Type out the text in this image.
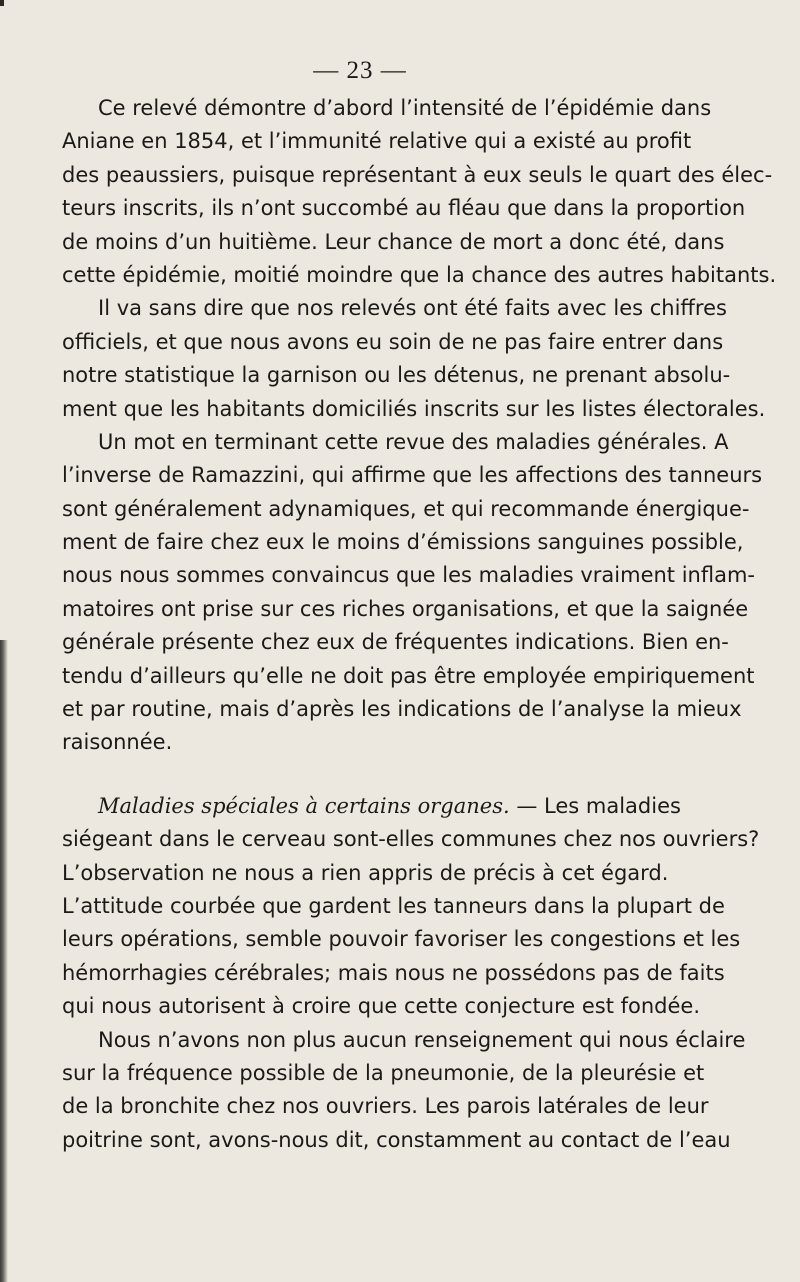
— 23 —
Ce relevé démontre d’abord l’intensité de l’épidémie dans
Aniane en 1854, et l’immunité relative qui a existé au profit
des peaussiers, puisque représentant à eux seuls le quart des élec-
teurs inscrits, ils n’ont succombé au fléau que dans la proportion
de moins d’un huitième. Leur chance de mort a donc été, dans
cette épidémie, moitié moindre que la chance des autres habitants.
Il va sans dire que nos relevés ont été faits avec les chiffres
officiels, et que nous avons eu soin de ne pas faire entrer dans
notre statistique la garnison ou les détenus, ne prenant absolu-
ment que les habitants domiciliés inscrits sur les listes électorales.
Un mot en terminant cette revue des maladies générales. A
l’inverse de Ramazzini, qui affirme que les affections des tanneurs
sont généralement adynamiques, et qui recommande énergique-
ment de faire chez eux le moins d’émissions sanguines possible,
nous nous sommes convaincus que les maladies vraiment inflam-
matoires ont prise sur ces riches organisations, et que la saignée
générale présente chez eux de fréquentes indications. Bien en-
tendu d’ailleurs qu’elle ne doit pas être employée empiriquement
et par routine, mais d’après les indications de l’analyse la mieux
raisonnée.
Maladies spéciales à certains organes. — Les maladies
siégeant dans le cerveau sont-elles communes chez nos ouvriers?
L’observation ne nous a rien appris de précis à cet égard.
L’attitude courbée que gardent les tanneurs dans la plupart de
leurs opérations, semble pouvoir favoriser les congestions et les
hémorrhagies cérébrales; mais nous ne possédons pas de faits
qui nous autorisent à croire que cette conjecture est fondée.
Nous n’avons non plus aucun renseignement qui nous éclaire
sur la fréquence possible de la pneumonie, de la pleurésie et
de la bronchite chez nos ouvriers. Les parois latérales de leur
poitrine sont, avons-nous dit, constamment au contact de l’eau
